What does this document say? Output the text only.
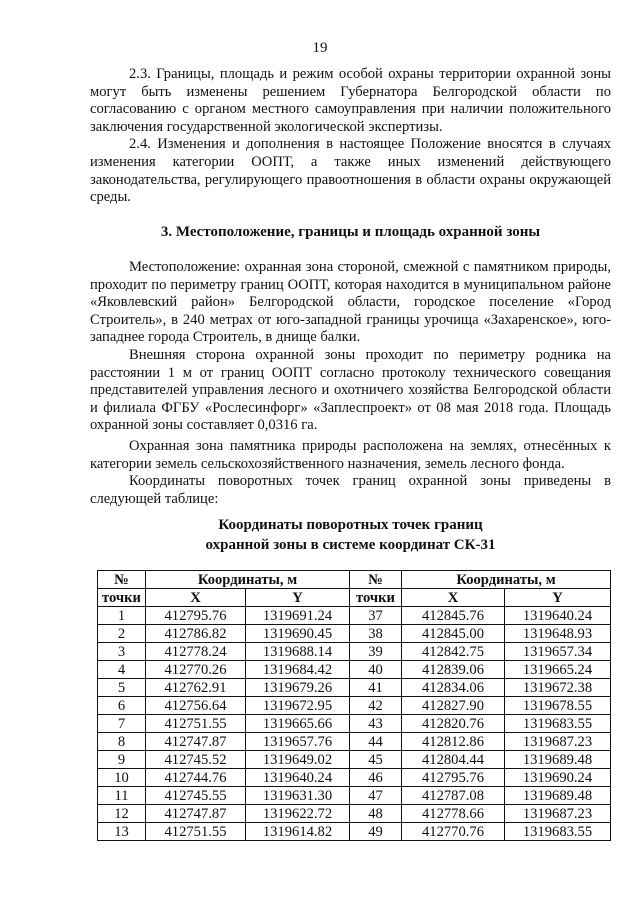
19

2.3. Границы, площадь и режим особой охраны территории охранной зоны могут быть изменены решением Губернатора Белгородской области по согласованию с органом местного самоуправления при наличии положительного заключения государственной экологической экспертизы.

2.4. Изменения и дополнения в настоящее Положение вносятся в случаях изменения категории ООПТ, а также иных изменений действующего законодательства, регулирующего правоотношения в области охраны окружающей среды.

3. Местоположение, границы и площадь охранной зоны

Местоположение: охранная зона стороной, смежной с памятником природы, проходит по периметру границ ООПТ, которая находится в муниципальном районе «Яковлевский район» Белгородской области, городское поселение «Город Строитель», в 240 метрах от юго-западной границы урочища «Захаренское», юго-западнее города Строитель, в днище балки.

Внешняя сторона охранной зоны проходит по периметру родника на расстоянии 1 м от границ ООПТ согласно протоколу технического совещания представителей управления лесного и охотничего хозяйства Белгородской области и филиала ФГБУ «Рослесинфорг» «Заплеспроект» от 08 мая 2018 года. Площадь охранной зоны составляет 0,0316 га.

Охранная зона памятника природы расположена на землях, отнесённых к категории земель сельскохозяйственного назначения, земель лесного фонда.

Координаты поворотных точек границ охранной зоны приведены в следующей таблице:

Координаты поворотных точек границ
охранной зоны в системе координат СК-31
№	Координаты, м		№	Координаты, м	
точки	X	Y	точки	X	Y
1	412795.76	1319691.24	37	412845.76	1319640.24
2	412786.82	1319690.45	38	412845.00	1319648.93
3	412778.24	1319688.14	39	412842.75	1319657.34
4	412770.26	1319684.42	40	412839.06	1319665.24
5	412762.91	1319679.26	41	412834.06	1319672.38
6	412756.64	1319672.95	42	412827.90	1319678.55
7	412751.55	1319665.66	43	412820.76	1319683.55
8	412747.87	1319657.76	44	412812.86	1319687.23
9	412745.52	1319649.02	45	412804.44	1319689.48
10	412744.76	1319640.24	46	412795.76	1319690.24
11	412745.55	1319631.30	47	412787.08	1319689.48
12	412747.87	1319622.72	48	412778.66	1319687.23
13	412751.55	1319614.82	49	412770.76	1319683.55
